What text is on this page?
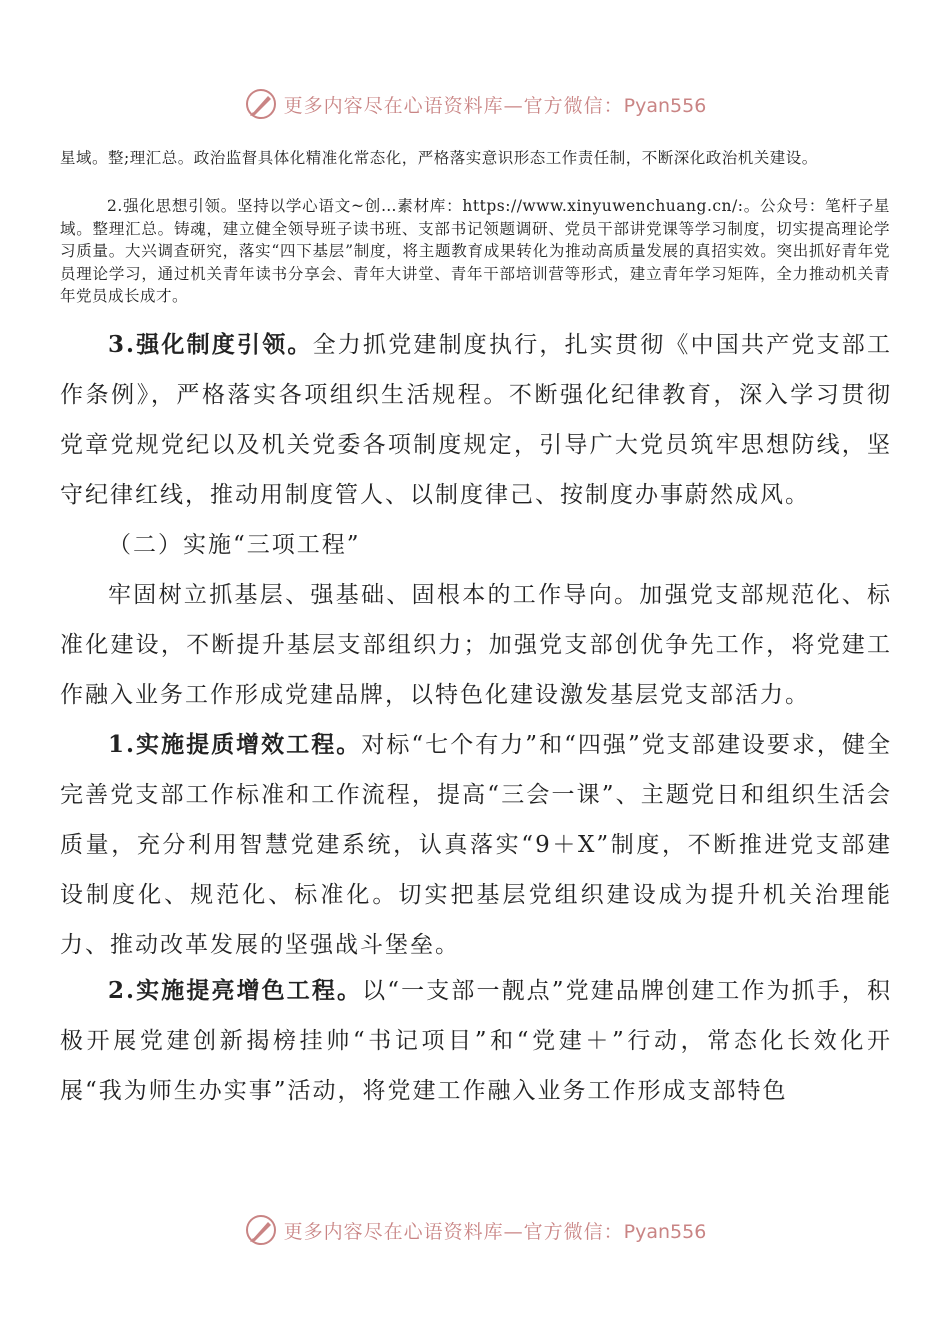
更多内容尽在心语资料库—官方微信：Pyan556
星域。整;理汇总。政治监督具体化精准化常态化，严格落实意识形态工作责任制，不断深化政治机关建设。
2.强化思想引领。坚持以学心语文~创…素材库：https://www.xinyuwenchuang.cn/:。公众号：笔杆子星域。整理汇总。铸魂，建立健全领导班子读书班、支部书记领题调研、党员干部讲党课等学习制度，切实提高理论学习质量。大兴调查研究，落实“四下基层”制度，将主题教育成果转化为推动高质量发展的真招实效。突出抓好青年党员理论学习，通过机关青年读书分享会、青年大讲堂、青年干部培训营等形式，建立青年学习矩阵，全力推动机关青年党员成长成才。

3.强化制度引领。全力抓党建制度执行，扎实贯彻《中国共产党支部工作条例》，严格落实各项组织生活规程。不断强化纪律教育，深入学习贯彻党章党规党纪以及机关党委各项制度规定，引导广大党员筑牢思想防线，坚守纪律红线，推动用制度管人、以制度律己、按制度办事蔚然成风。

（二）实施“三项工程”

牢固树立抓基层、强基础、固根本的工作导向。加强党支部规范化、标准化建设，不断提升基层支部组织力；加强党支部创优争先工作，将党建工作融入业务工作形成党建品牌，以特色化建设激发基层党支部活力。

1.实施提质增效工程。对标“七个有力”和“四强”党支部建设要求，健全完善党支部工作标准和工作流程，提高“三会一课”、主题党日和组织生活会质量，充分利用智慧党建系统，认真落实“9＋X”制度，不断推进党支部建设制度化、规范化、标准化。切实把基层党组织建设成为提升机关治理能力、推动改革发展的坚强战斗堡垒。

2.实施提亮增色工程。以“一支部一靓点”党建品牌创建工作为抓手，积极开展党建创新揭榜挂帅“书记项目”和“党建＋”行动，常态化长效化开展“我为师生办实事”活动，将党建工作融入业务工作形成支部特色

更多内容尽在心语资料库—官方微信：Pyan556
